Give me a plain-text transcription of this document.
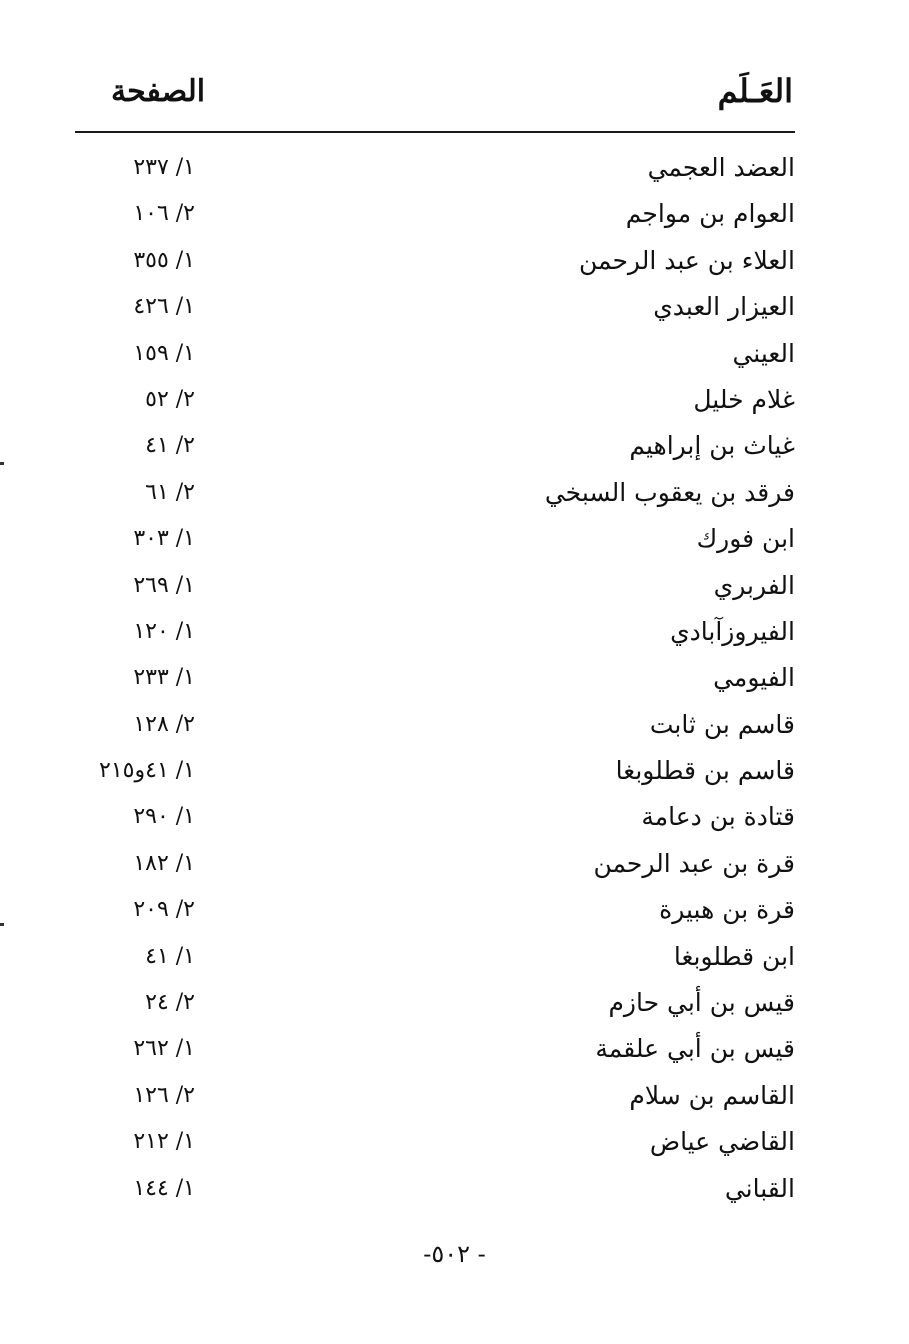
العَـلَم
الصفحة
العضد العجمي
١/ ٢٣٧
العوام بن مواجم
٢/ ١٠٦
العلاء بن عبد الرحمن
١/ ٣٥٥
العيزار العبدي
١/ ٤٢٦
العيني
١/ ١٥٩
غلام خليل
٢/ ٥٢
غياث بن إبراهيم
٢/ ٤١
فرقد بن يعقوب السبخي
٢/ ٦١
ابن فورك
١/ ٣٠٣
الفربري
١/ ٢٦٩
الفيروزآبادي
١/ ١٢٠
الفيومي
١/ ٢٣٣
قاسم بن ثابت
٢/ ١٢٨
قاسم بن قطلوبغا
١/ ٤١و٢١٥
قتادة بن دعامة
١/ ٢٩٠
قرة بن عبد الرحمن
١/ ١٨٢
قرة بن هبيرة
٢/ ٢٠٩
ابن قطلوبغا
١/ ٤١
قيس بن أبي حازم
٢/ ٢٤
قيس بن أبي علقمة
١/ ٢٦٢
القاسم بن سلام
٢/ ١٢٦
القاضي عياض
١/ ٢١٢
القباني
١/ ١٤٤
- ٥٠٢-
